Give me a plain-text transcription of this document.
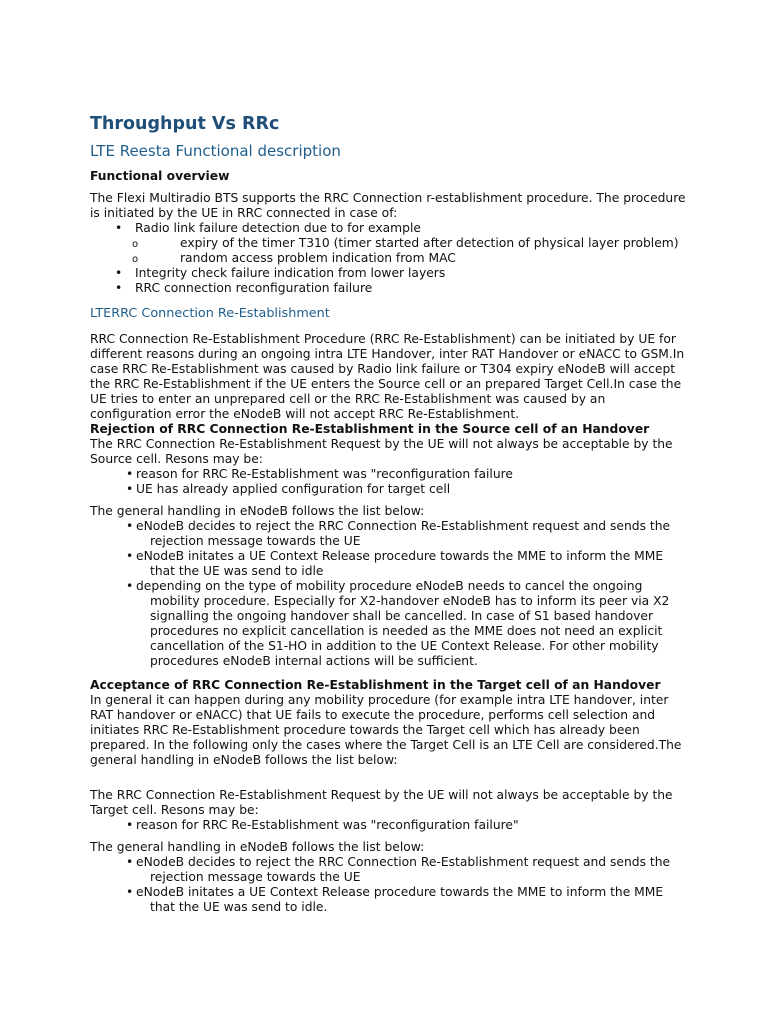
Throughput Vs RRc
LTE Reesta Functional description
Functional overview

The Flexi Multiradio BTS supports the RRC Connection r-establishment procedure. The procedure is initiated by the UE in RRC connected in case of:

• Radio link failure detection due to for example
o	expiry of the timer T310 (timer started after detection of physical layer problem)
o	random access problem indication from MAC
• Integrity check failure indication from lower layers
• RRC connection reconfiguration failure
LTERRC Connection Re-Establishment

RRC Connection Re-Establishment Procedure (RRC Re-Establishment) can be initiated by UE for different reasons during an ongoing intra LTE Handover, inter RAT Handover or eNACC to GSM.In case RRC Re-Establishment was caused by Radio link failure or T304 expiry eNodeB will accept the RRC Re-Establishment if the UE enters the Source cell or an prepared Target Cell.In case the UE tries to enter an unprepared cell or the RRC Re-Establishment was caused by an configuration error the eNodeB will not accept RRC Re-Establishment.

Rejection of RRC Connection Re-Establishment in the Source cell of an Handover

The RRC Connection Re-Establishment Request by the UE will not always be acceptable by the Source cell. Resons may be:

• reason for RRC Re-Establishment was "reconfiguration failure
• UE has already applied configuration for target cell

The general handling in eNodeB follows the list below:

• eNodeB decides to reject the RRC Connection Re-Establishment request and sends the rejection message towards the UE
• eNodeB initates a UE Context Release procedure towards the MME to inform the MME that the UE was send to idle
• depending on the type of mobility procedure eNodeB needs to cancel the ongoing mobility procedure. Especially for X2-handover eNodeB has to inform its peer via X2 signalling the ongoing handover shall be cancelled. In case of S1 based handover procedures no explicit cancellation is needed as the MME does not need an explicit cancellation of the S1-HO in addition to the UE Context Release. For other mobility procedures eNodeB internal actions will be sufficient.
Acceptance of RRC Connection Re-Establishment in the Target cell of an Handover

In general it can happen during any mobility procedure (for example intra LTE handover, inter RAT handover or eNACC) that UE fails to execute the procedure, performs cell selection and initiates RRC Re-Establishment procedure towards the Target cell which has already been prepared. In the following only the cases where the Target Cell is an LTE Cell are considered.The general handling in eNodeB follows the list below:

The RRC Connection Re-Establishment Request by the UE will not always be acceptable by the Target cell. Resons may be:

• reason for RRC Re-Establishment was "reconfiguration failure"

The general handling in eNodeB follows the list below:

• eNodeB decides to reject the RRC Connection Re-Establishment request and sends the rejection message towards the UE
• eNodeB initates a UE Context Release procedure towards the MME to inform the MME that the UE was send to idle.
